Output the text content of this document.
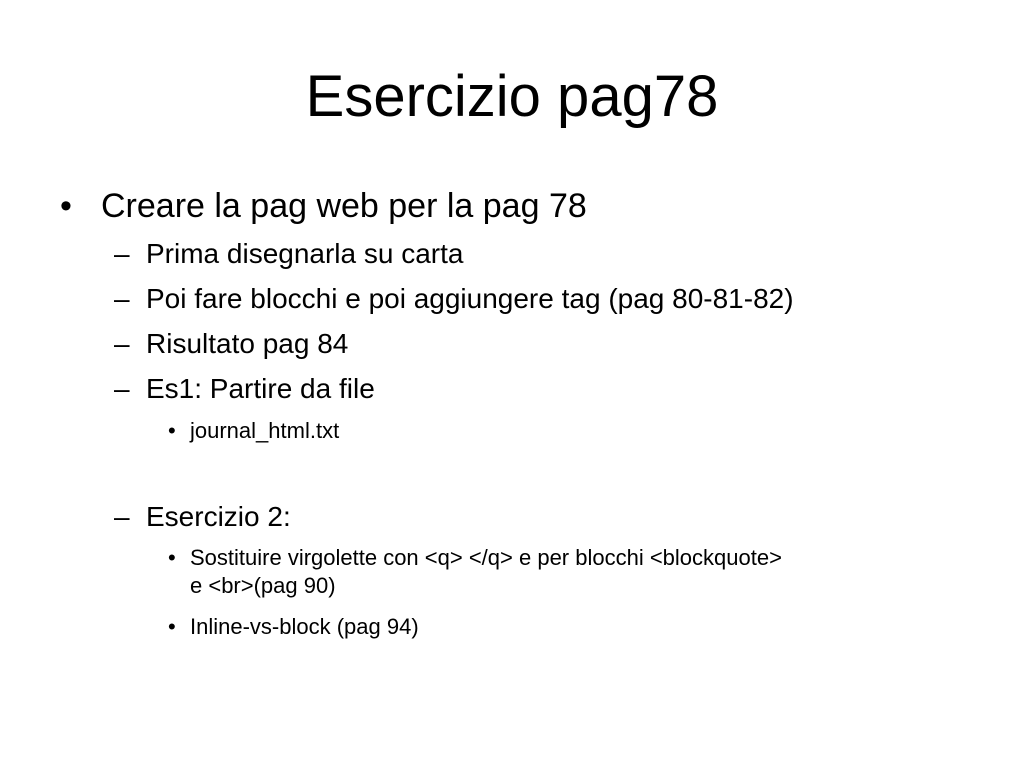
Esercizio pag78
• Creare la pag web per la pag 78
– Prima disegnarla su carta
– Poi fare blocchi e poi aggiungere tag (pag 80-81-82)
– Risultato pag 84
– Es1: Partire da file
• journal_html.txt
– Esercizio 2:
• Sostituire virgolette con <q> </q> e per blocchi <blockquote>
e <br>(pag 90)
• Inline-vs-block (pag 94)
